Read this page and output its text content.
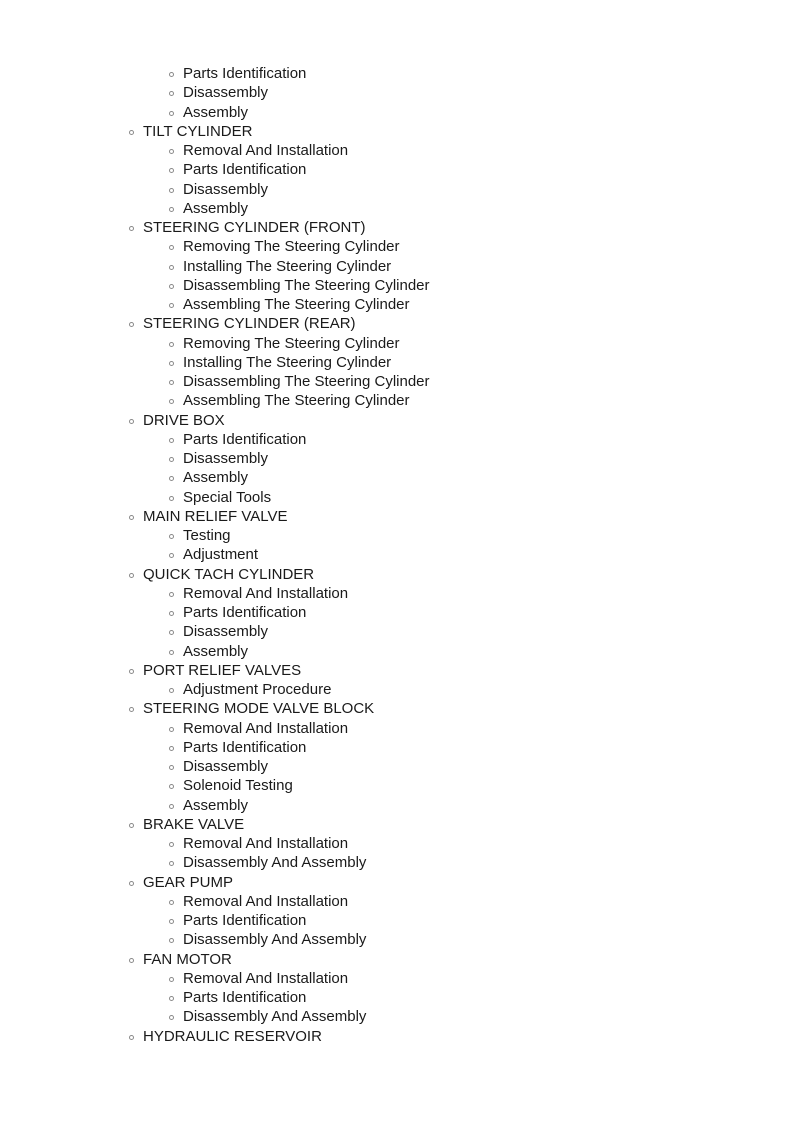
Parts Identification
Disassembly
Assembly
TILT CYLINDER
Removal And Installation
Parts Identification
Disassembly
Assembly
STEERING CYLINDER (FRONT)
Removing The Steering Cylinder
Installing The Steering Cylinder
Disassembling The Steering Cylinder
Assembling The Steering Cylinder
STEERING CYLINDER (REAR)
Removing The Steering Cylinder
Installing The Steering Cylinder
Disassembling The Steering Cylinder
Assembling The Steering Cylinder
DRIVE BOX
Parts Identification
Disassembly
Assembly
Special Tools
MAIN RELIEF VALVE
Testing
Adjustment
QUICK TACH CYLINDER
Removal And Installation
Parts Identification
Disassembly
Assembly
PORT RELIEF VALVES
Adjustment Procedure
STEERING MODE VALVE BLOCK
Removal And Installation
Parts Identification
Disassembly
Solenoid Testing
Assembly
BRAKE VALVE
Removal And Installation
Disassembly And Assembly
GEAR PUMP
Removal And Installation
Parts Identification
Disassembly And Assembly
FAN MOTOR
Removal And Installation
Parts Identification
Disassembly And Assembly
HYDRAULIC RESERVOIR
